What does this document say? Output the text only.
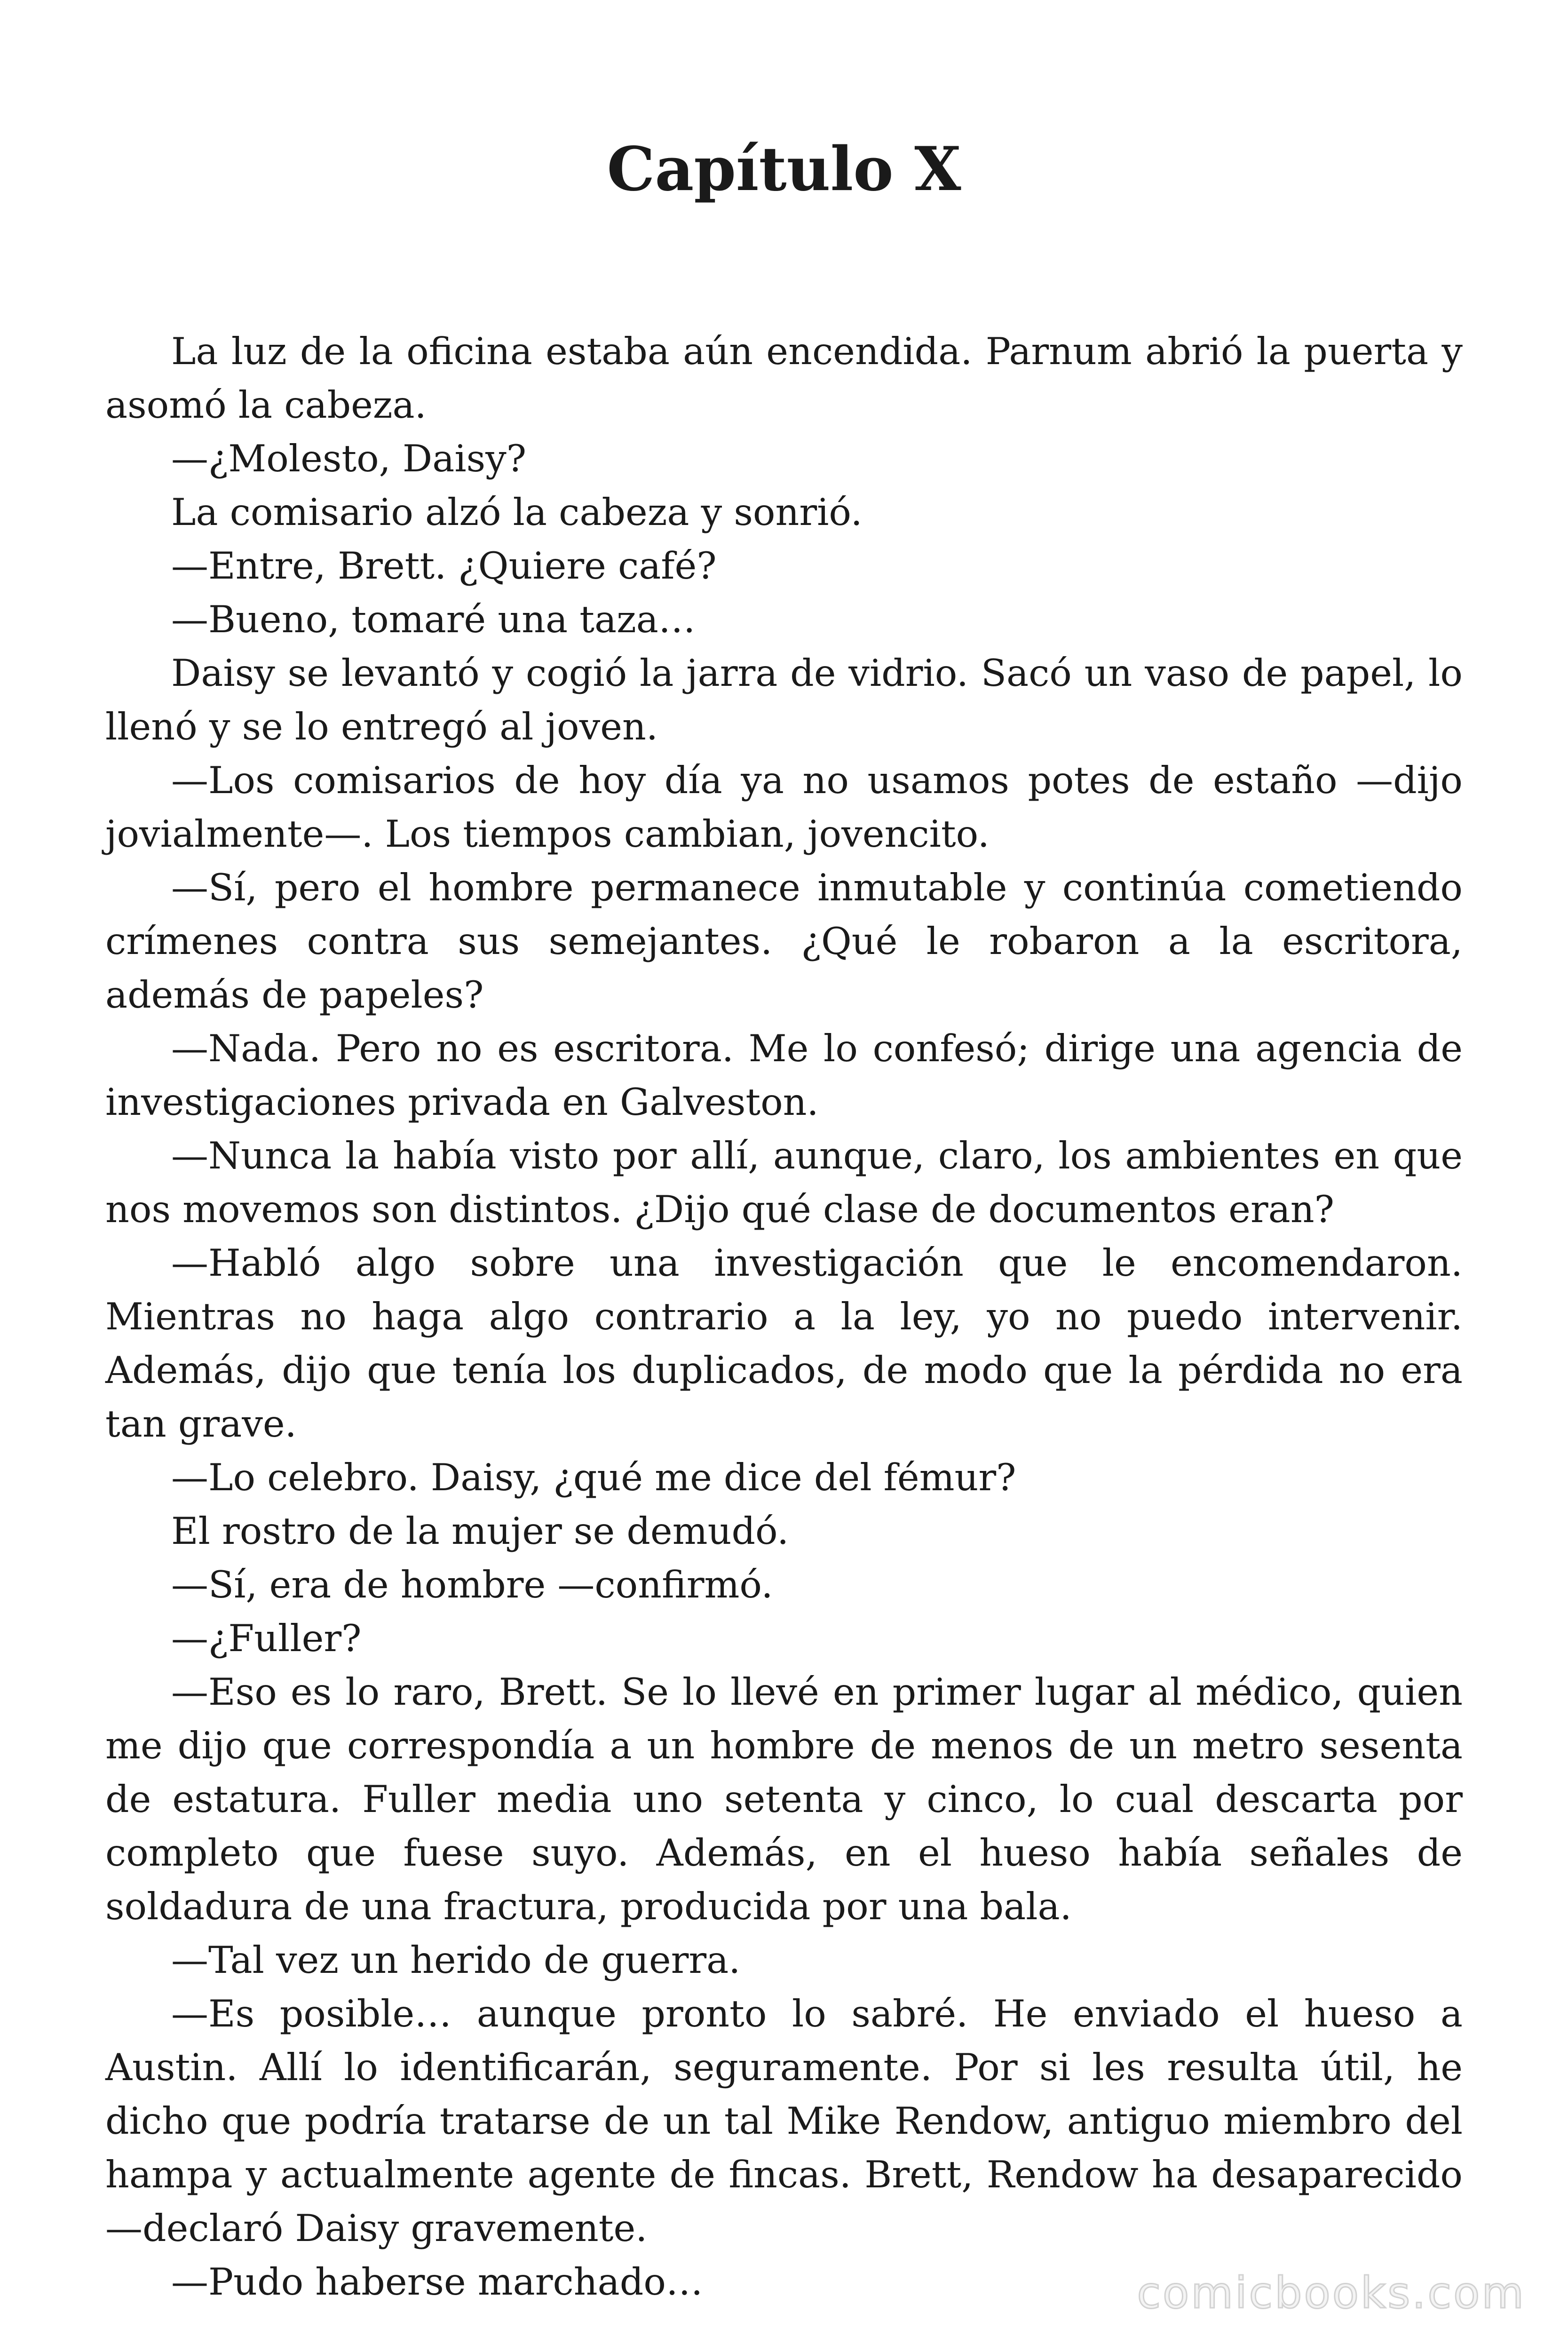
Capítulo X

La luz de la oficina estaba aún encendida. Parnum abrió la puerta y asomó la cabeza.

—¿Molesto, Daisy?

La comisario alzó la cabeza y sonrió.

—Entre, Brett. ¿Quiere café?

—Bueno, tomaré una taza…

Daisy se levantó y cogió la jarra de vidrio. Sacó un vaso de papel, lo llenó y se lo entregó al joven.

—Los comisarios de hoy día ya no usamos potes de estaño —dijo jovialmente—. Los tiempos cambian, jovencito.

—Sí, pero el hombre permanece inmutable y continúa cometiendo crímenes contra sus semejantes. ¿Qué le robaron a la escritora, además de papeles?

—Nada. Pero no es escritora. Me lo confesó; dirige una agencia de investigaciones privada en Galveston.

—Nunca la había visto por allí, aunque, claro, los ambientes en que nos movemos son distintos. ¿Dijo qué clase de documentos eran?

—Habló algo sobre una investigación que le encomendaron. Mientras no haga algo contrario a la ley, yo no puedo intervenir. Además, dijo que tenía los duplicados, de modo que la pérdida no era tan grave.

—Lo celebro. Daisy, ¿qué me dice del fémur?

El rostro de la mujer se demudó.

—Sí, era de hombre —confirmó.

—¿Fuller?

—Eso es lo raro, Brett. Se lo llevé en primer lugar al médico, quien me dijo que correspondía a un hombre de menos de un metro sesenta de estatura. Fuller media uno setenta y cinco, lo cual descarta por completo que fuese suyo. Además, en el hueso había señales de soldadura de una fractura, producida por una bala.

—Tal vez un herido de guerra.

—Es posible… aunque pronto lo sabré. He enviado el hueso a Austin. Allí lo identificarán, seguramente. Por si les resulta útil, he dicho que podría tratarse de un tal Mike Rendow, antiguo miembro del hampa y actualmente agente de fincas. Brett, Rendow ha desaparecido —declaró Daisy gravemente.

—Pudo haberse marchado…	comicbooks.com
